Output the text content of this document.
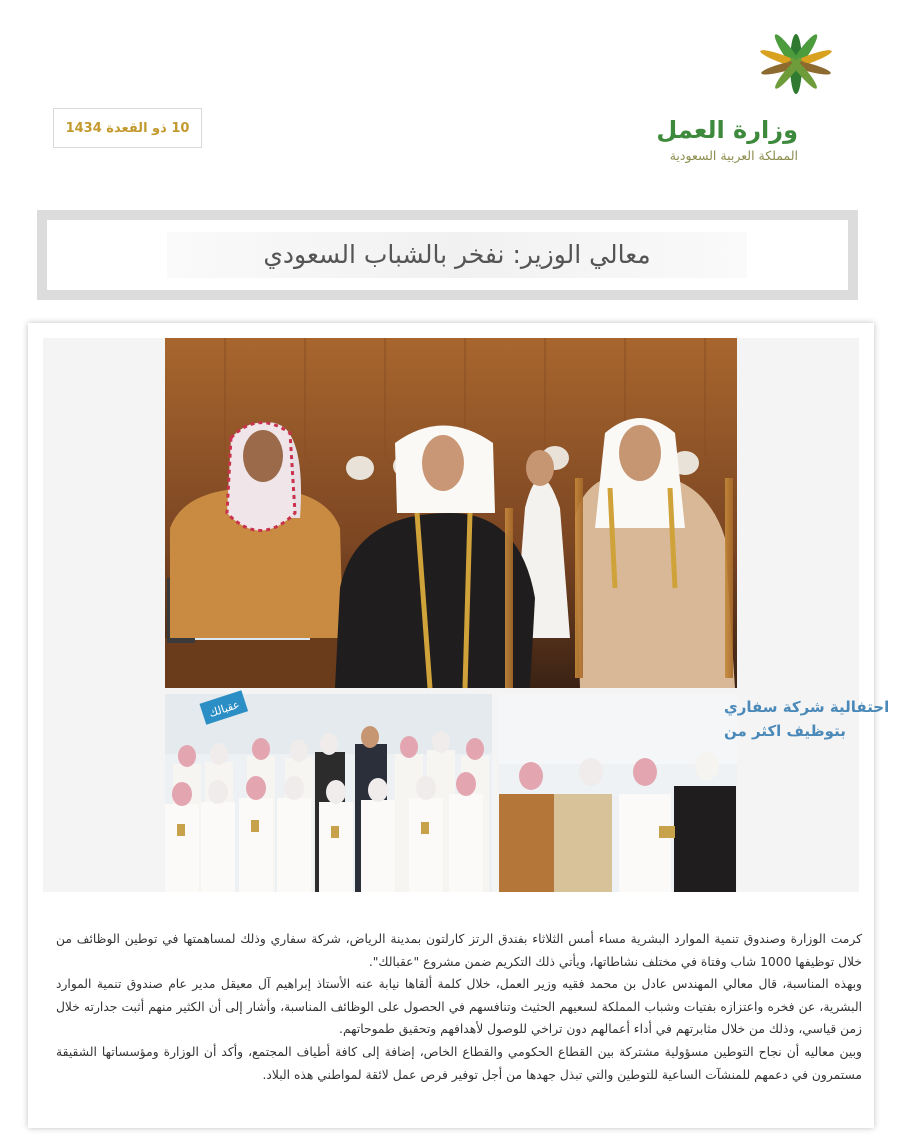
وزارة العمل
المملكة العربية السعودية
10 ذو القعدة 1434
معالي الوزير: نفخر بالشباب السعودي
عقبالك	احتفالية شركة سفاري
بتوظيف اكثر من

كرمت الوزارة وصندوق تنمية الموارد البشرية مساء أمس الثلاثاء بفندق الرتز كارلتون بمدينة الرياض، شركة سفاري وذلك لمساهمتها في توطين الوظائف من خلال توظيفها 1000 شاب وفتاة في مختلف نشاطاتها، ويأتي ذلك التكريم ضمن مشروع "عقبالك".

وبهذه المناسبة، قال معالي المهندس عادل بن محمد فقيه وزير العمل، خلال كلمة ألقاها نيابة عنه الأستاذ إبراهيم آل معيقل مدير عام صندوق تنمية الموارد البشرية، عن فخره واعتزازه بفتيات وشباب المملكة لسعيهم الحثيث وتنافسهم في الحصول على الوظائف المناسبة، وأشار إلى أن الكثير منهم أثبت جدارته خلال زمن قياسي، وذلك من خلال مثابرتهم في أداء أعمالهم دون تراخي للوصول لأهدافهم وتحقيق طموحاتهم.

وبين معاليه أن نجاح التوطين مسؤولية مشتركة بين القطاع الحكومي والقطاع الخاص، إضافة إلى كافة أطياف المجتمع، وأكد أن الوزارة ومؤسساتها الشقيقة مستمرون في دعمهم للمنشآت الساعية للتوطين والتي تبذل جهدها من أجل توفير فرص عمل لائقة لمواطني هذه البلاد.
